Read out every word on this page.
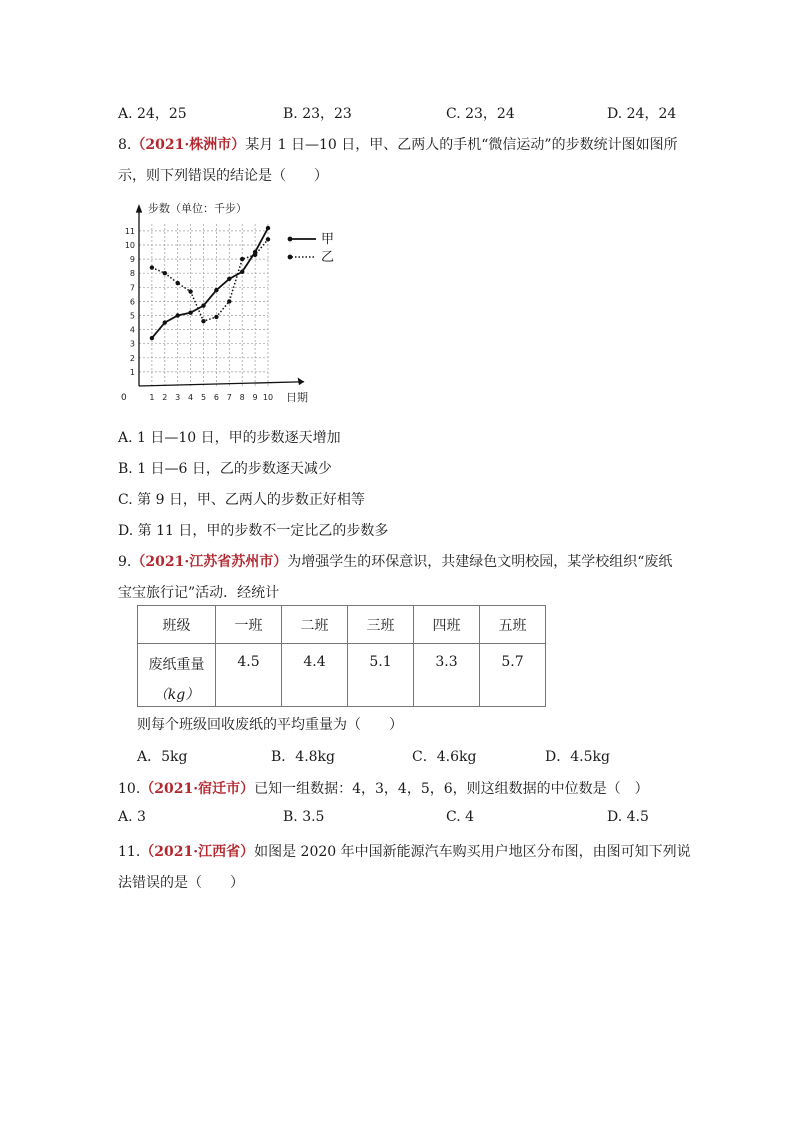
A. 24，25	B. 23，23	C. 23，24	D. 24，24
8.（2021·株洲市）某月 1 日—10 日，甲、乙两人的手机“微信运动”的步数统计图如图所
示，则下列错误的结论是（　　）
1 2 3 4 5 6 7 8 9 10
1
2
3
4
5
6
7
8
9
10
11
步数（单位：千步）
日期
0
甲
乙
A. 1 日—10 日，甲的步数逐天增加
B. 1 日—6 日，乙的步数逐天减少
C. 第 9 日，甲、乙两人的步数正好相等
D. 第 11 日，甲的步数不一定比乙的步数多
9.（2021·江苏省苏州市）为增强学生的环保意识，共建绿色文明校园，某学校组织“废纸
宝宝旅行记”活动．经统计
班级	一班	二班	三班	四班	五班

废纸重量
（kg）	4.5	4.4	5.1	3.3	5.7
则每个班级回收废纸的平均重量为（　　）
A．5kg	B．4.8kg	C．4.6kg	D．4.5kg
10.（2021·宿迁市）已知一组数据：4，3，4，5，6，则这组数据的中位数是（　）
A. 3	B. 3.5	C. 4	D. 4.5
11.（2021·江西省）如图是 2020 年中国新能源汽车购买用户地区分布图，由图可知下列说
法错误的是（　　）
